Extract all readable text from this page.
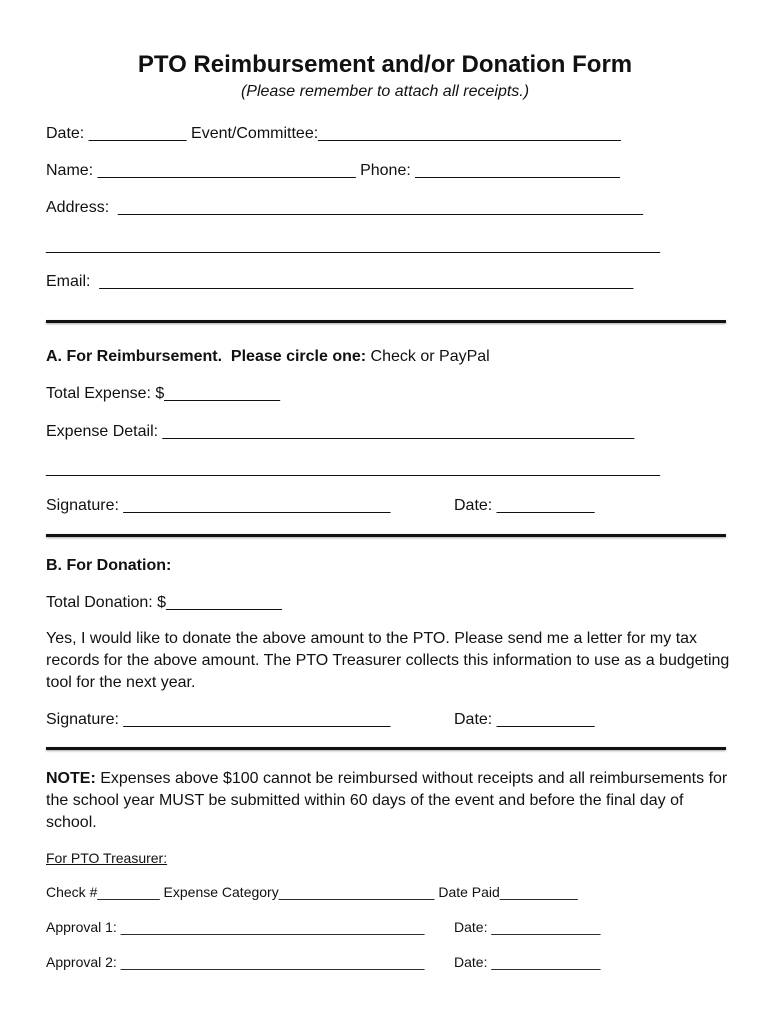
PTO Reimbursement and/or Donation Form
(Please remember to attach all receipts.)
Date: ___________ Event/Committee:__________________________________
Name: _____________________________ Phone: _______________________
Address:  ___________________________________________________________
_____________________________________________________________________
Email:  ____________________________________________________________
A. For Reimbursement.  Please circle one: Check or PayPal
Total Expense: $_____________
Expense Detail: _____________________________________________________
_____________________________________________________________________
Signature: ______________________________	Date: ___________
B. For Donation:
Total Donation: $_____________
Yes, I would like to donate the above amount to the PTO. Please send me a letter for my tax records for the above amount. The PTO Treasurer collects this information to use as a budgeting tool for the next year.
Signature: ______________________________	Date: ___________
NOTE: Expenses above $100 cannot be reimbursed without receipts and all reimbursements for the school year MUST be submitted within 60 days of the event and before the final day of school.
For PTO Treasurer:
Check #________ Expense Category____________________ Date Paid__________
Approval 1: _______________________________________ Date: ______________
Approval 2: _______________________________________ Date: ______________
